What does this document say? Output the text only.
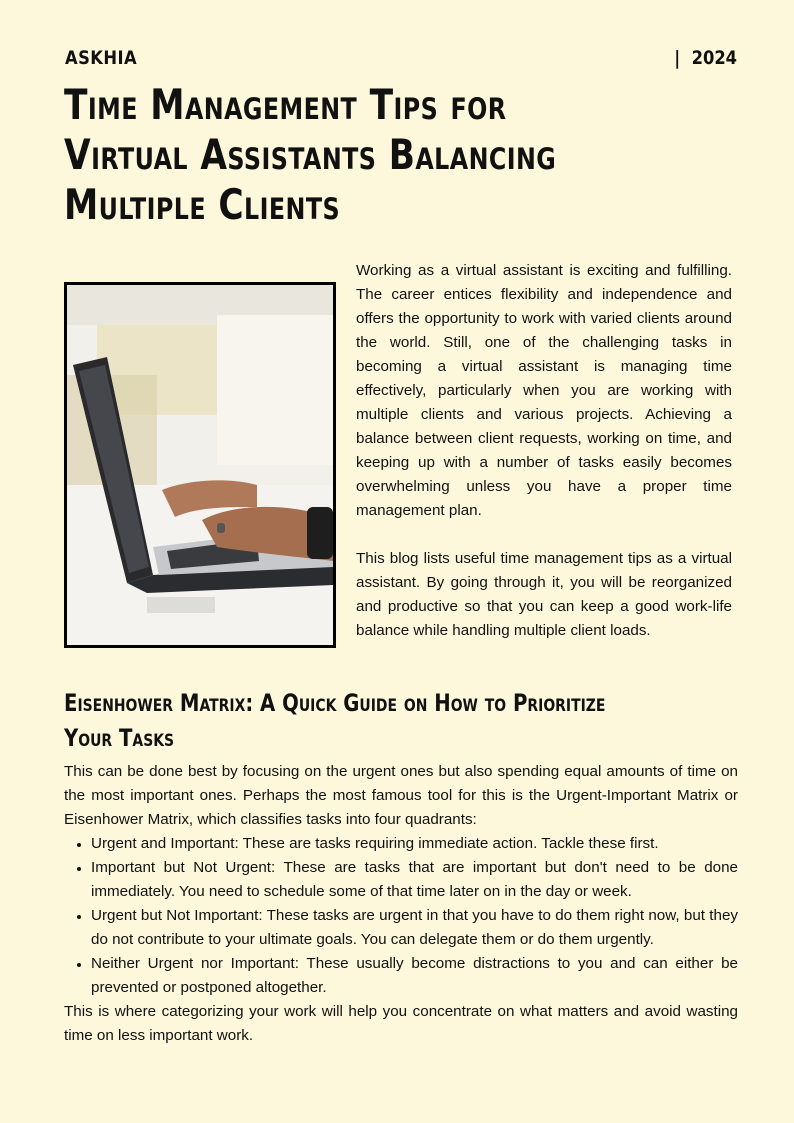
ASKHIA	|  2024
Time Management Tips for Virtual Assistants Balancing Multiple Clients

Working as a virtual assistant is exciting and fulfilling. The career entices flexibility and independence and offers the opportunity to work with varied clients around the world. Still, one of the challenging tasks in becoming a virtual assistant is managing time effectively, particularly when you are working with multiple clients and various projects. Achieving a balance between client requests, working on time, and keeping up with a number of tasks easily becomes overwhelming unless you have a proper time management plan.

This blog lists useful time management tips as a virtual assistant. By going through it, you will be reorganized and productive so that you can keep a good work-life balance while handling multiple client loads.

Eisenhower Matrix: A Quick Guide on How to Prioritize Your Tasks

This can be done best by focusing on the urgent ones but also spending equal amounts of time on the most important ones. Perhaps the most famous tool for this is the Urgent-Important Matrix or Eisenhower Matrix, which classifies tasks into four quadrants:

• Urgent and Important: These are tasks requiring immediate action. Tackle these first.
• Important but Not Urgent: These are tasks that are important but don't need to be done immediately. You need to schedule some of that time later on in the day or week.
• Urgent but Not Important: These tasks are urgent in that you have to do them right now, but they do not contribute to your ultimate goals. You can delegate them or do them urgently.
• Neither Urgent nor Important: These usually become distractions to you and can either be prevented or postponed altogether.

This is where categorizing your work will help you concentrate on what matters and avoid wasting time on less important work.
